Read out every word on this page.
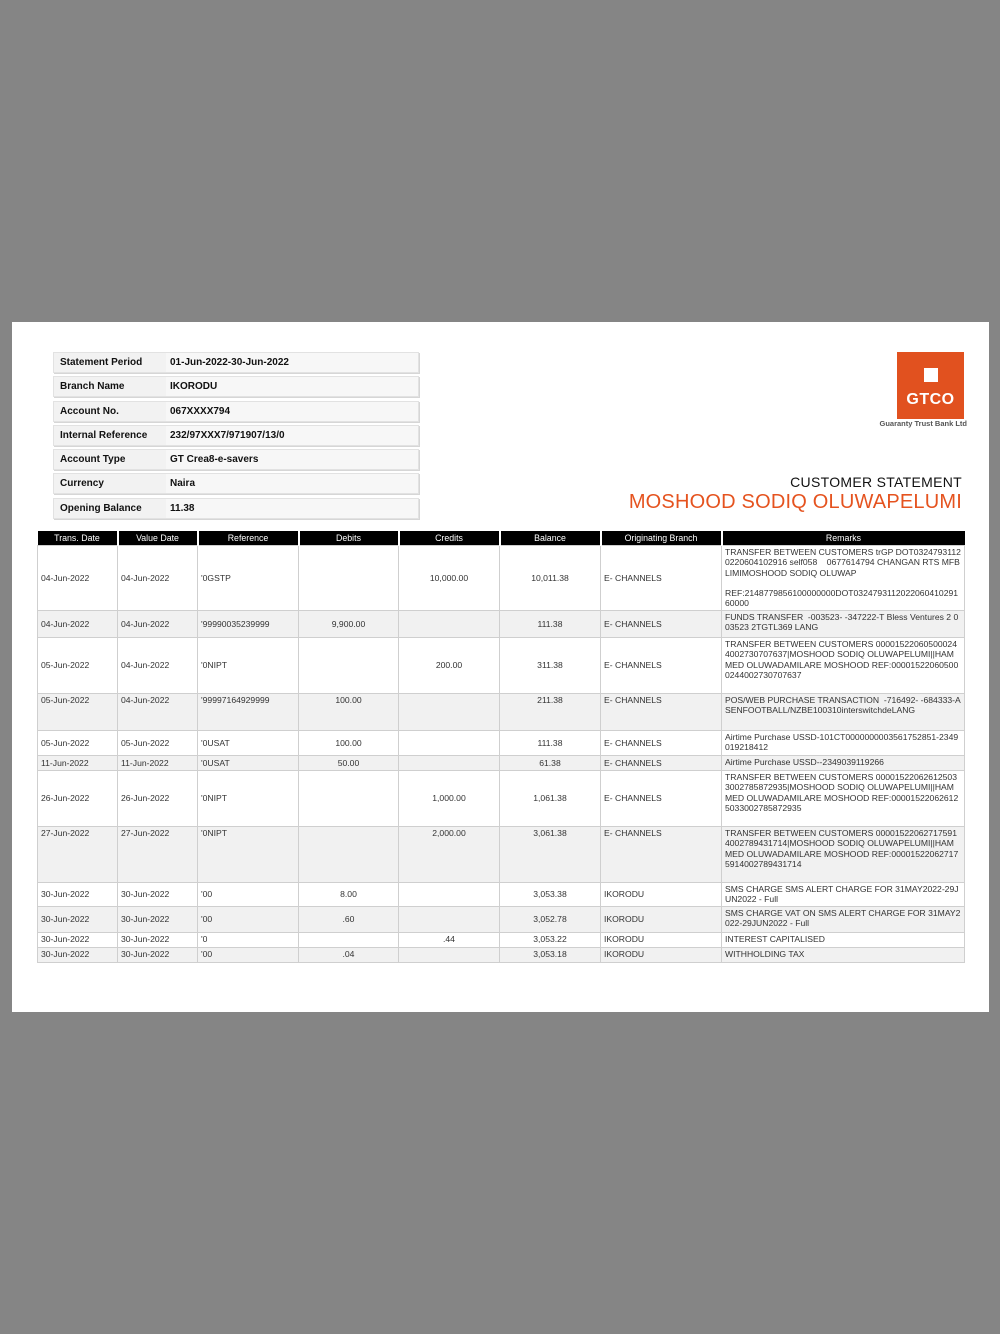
Statement Period	01-Jun-2022-30-Jun-2022
Branch Name	IKORODU
Account No.	067XXXX794
Internal Reference	232/97XXX7/971907/13/0
Account Type	GT Crea8-e-savers
Currency	Naira
Opening Balance	11.38
GTCO
Guaranty Trust Bank Ltd
CUSTOMER STATEMENT
MOSHOOD SODIQ OLUWAPELUMI
Trans. Date	Value Date	Reference	Debits	Credits	Balance	Originating Branch	Remarks
04-Jun-2022	04-Jun-2022	'0GSTP		10,000.00	10,011.38	E- CHANNELS	TRANSFER BETWEEN CUSTOMERS trGP DOT0324793112022060410291​6 self058    0677614794 CHANGAN RTS MFB LIMIMOSHOOD SODIQ OLUWAP

REF:214877985610000000​0DOT0324793112022060410291​60000
04-Jun-2022	04-Jun-2022	'99990035239999	9,900.00		111.38	E- CHANNELS	FUNDS TRANSFER  -003523- -347222-T Bless Ventures 2 003523 2TGTL369 LANG
05-Jun-2022	04-Jun-2022	'0NIPT		200.00	311.38	E- CHANNELS	TRANSFER BETWEEN CUSTOMERS 000015220605000244002730707637|MOSHOOD SODIQ OLUWAPELUMI||HAMMED OLUWADAMILARE MOSHOOD REF:000015220605000244002730707637
05-Jun-2022	04-Jun-2022	'99997164929999	100.00		211.38	E- CHANNELS	POS/WEB PURCHASE TRANSACTION  -716492- -684333-ASENFOOTBALL/NZBE100310interswitchdeLANG
05-Jun-2022	05-Jun-2022	'0USAT	100.00		111.38	E- CHANNELS	Airtime Purchase USSD-101CT0000000003561752851-2349019218412
11-Jun-2022	11-Jun-2022	'0USAT	50.00		61.38	E- CHANNELS	Airtime Purchase USSD--2349039119266
26-Jun-2022	26-Jun-2022	'0NIPT		1,000.00	1,061.38	E- CHANNELS	TRANSFER BETWEEN CUSTOMERS 000015220626125033002785872935|MOSHOOD SODIQ OLUWAPELUMI||HAMMED OLUWADAMILARE MOSHOOD REF:000015220626125033002785872935
27-Jun-2022	27-Jun-2022	'0NIPT		2,000.00	3,061.38	E- CHANNELS	TRANSFER BETWEEN CUSTOMERS 000015220627175914002789431714|MOSHOOD SODIQ OLUWAPELUMI||HAMMED OLUWADAMILARE MOSHOOD REF:000015220627175914002789431714
30-Jun-2022	30-Jun-2022	'00	8.00		3,053.38	IKORODU	SMS CHARGE SMS ALERT CHARGE FOR 31MAY2022-29JUN2022 - Full
30-Jun-2022	30-Jun-2022	'00	.60		3,052.78	IKORODU	SMS CHARGE VAT ON SMS ALERT CHARGE FOR 31MAY2022-29JUN2022 - Full
30-Jun-2022	30-Jun-2022	'0		.44	3,053.22	IKORODU	INTEREST CAPITALISED
30-Jun-2022	30-Jun-2022	'00	.04		3,053.18	IKORODU	WITHHOLDING TAX
